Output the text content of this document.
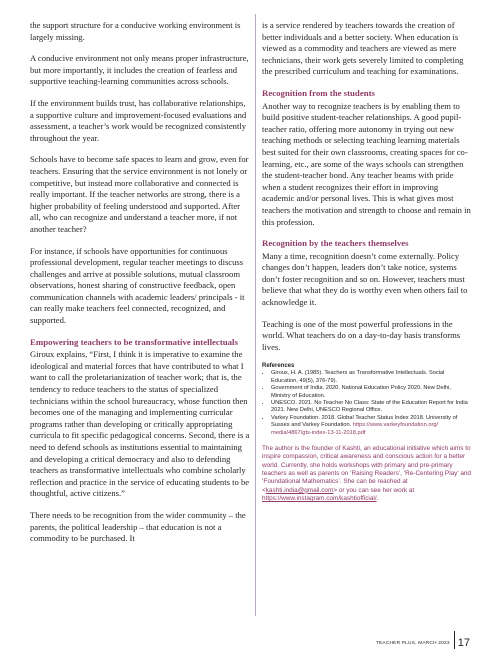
the support structure for a conducive working environment is largely missing.

A conducive environment not only means proper infrastructure, but more importantly, it includes the creation of fearless and supportive teaching-learning communities across schools.

If the environment builds trust, has collaborative relationships, a supportive culture and improvement-focused evaluations and assessment, a teacher’s work would be recognized consistently throughout the year.

Schools have to become safe spaces to learn and grow, even for teachers. Ensuring that the service environment is not lonely or competitive, but instead more collaborative and connected is really important. If the teacher networks are strong, there is a higher probability of feeling understood and supported. After all, who can recognize and understand a teacher more, if not another teacher?

For instance, if schools have opportunities for continuous professional development, regular teacher meetings to discuss challenges and arrive at possible solutions, mutual classroom observations, honest sharing of constructive feedback, open communication channels with academic leaders/ principals - it can really make teachers feel connected, recognized, and supported.

Empowering teachers to be transformative intellectuals

Giroux explains, “First, I think it is imperative to examine the ideological and material forces that have contributed to what I want to call the proletarianization of teacher work; that is, the tendency to reduce teachers to the status of specialized technicians within the school bureaucracy, whose function then becomes one of the managing and implementing curricular programs rather than developing or critically appropriating curricula to fit specific pedagogical concerns. Second, there is a need to defend schools as institutions essential to maintaining and developing a critical democracy and also to defending teachers as transformative intellectuals who combine scholarly reflection and practice in the service of educating students to be thoughtful, active citizens.”

There needs to be recognition from the wider community – the parents, the political leadership – that education is not a commodity to be purchased. It

is a service rendered by teachers towards the creation of better individuals and a better society. When education is viewed as a commodity and teachers are viewed as mere technicians, their work gets severely limited to completing the prescribed curriculum and teaching for examinations.

Recognition from the students

Another way to recognize teachers is by enabling them to build positive student-teacher relationships. A good pupil-teacher ratio, offering more autonomy in trying out new teaching methods or selecting teaching learning materials best suited for their own classrooms, creating spaces for co-learning, etc., are some of the ways schools can strengthen the student-teacher bond. Any teacher beams with pride when a student recognizes their effort in improving academic and/or personal lives. This is what gives most teachers the motivation and strength to choose and remain in this profession.

Recognition by the teachers themselves

Many a time, recognition doesn’t come externally. Policy changes don’t happen, leaders don’t take notice, systems don’t foster recognition and so on. However, teachers must believe that what they do is worthy even when others fail to acknowledge it.

Teaching is one of the most powerful professions in the world. What teachers do on a day-to-day basis transforms lives.

References
• Giroux, H. A. (1985). Teachers as Transformative Intellectuals. Social Education, 49(5), 376-79).
• Government of India. 2020. National Education Policy 2020. New Delhi, Ministry of Education.
• UNESCO. 2021. No Teacher No Class: State of the Education Report for India 2021. New Delhi, UNESCO Regional Office.
• Varkey Foundation. 2018. Global Teacher Status Index 2018. University of Sussex and Varkey Foundation. https://www.varkeyfoundation.org/ media/4867/gts-index-13-11-2018.pdf
The author is the founder of Kashti, an educational initiative which aims to inspire compassion, critical awareness and conscious action for a better world. Currently, she holds workshops with primary and pre-primary teachers as well as parents on ‘Raising Readers’, ‘Re-Centering Play’ and ‘Foundational Mathematics’. She can be reached at <kashti.india@gmail.com> or you can see her work at https://www.instagram.com/kashtiofficial/.
TEACHER PLUS, MARCH 2023 17
